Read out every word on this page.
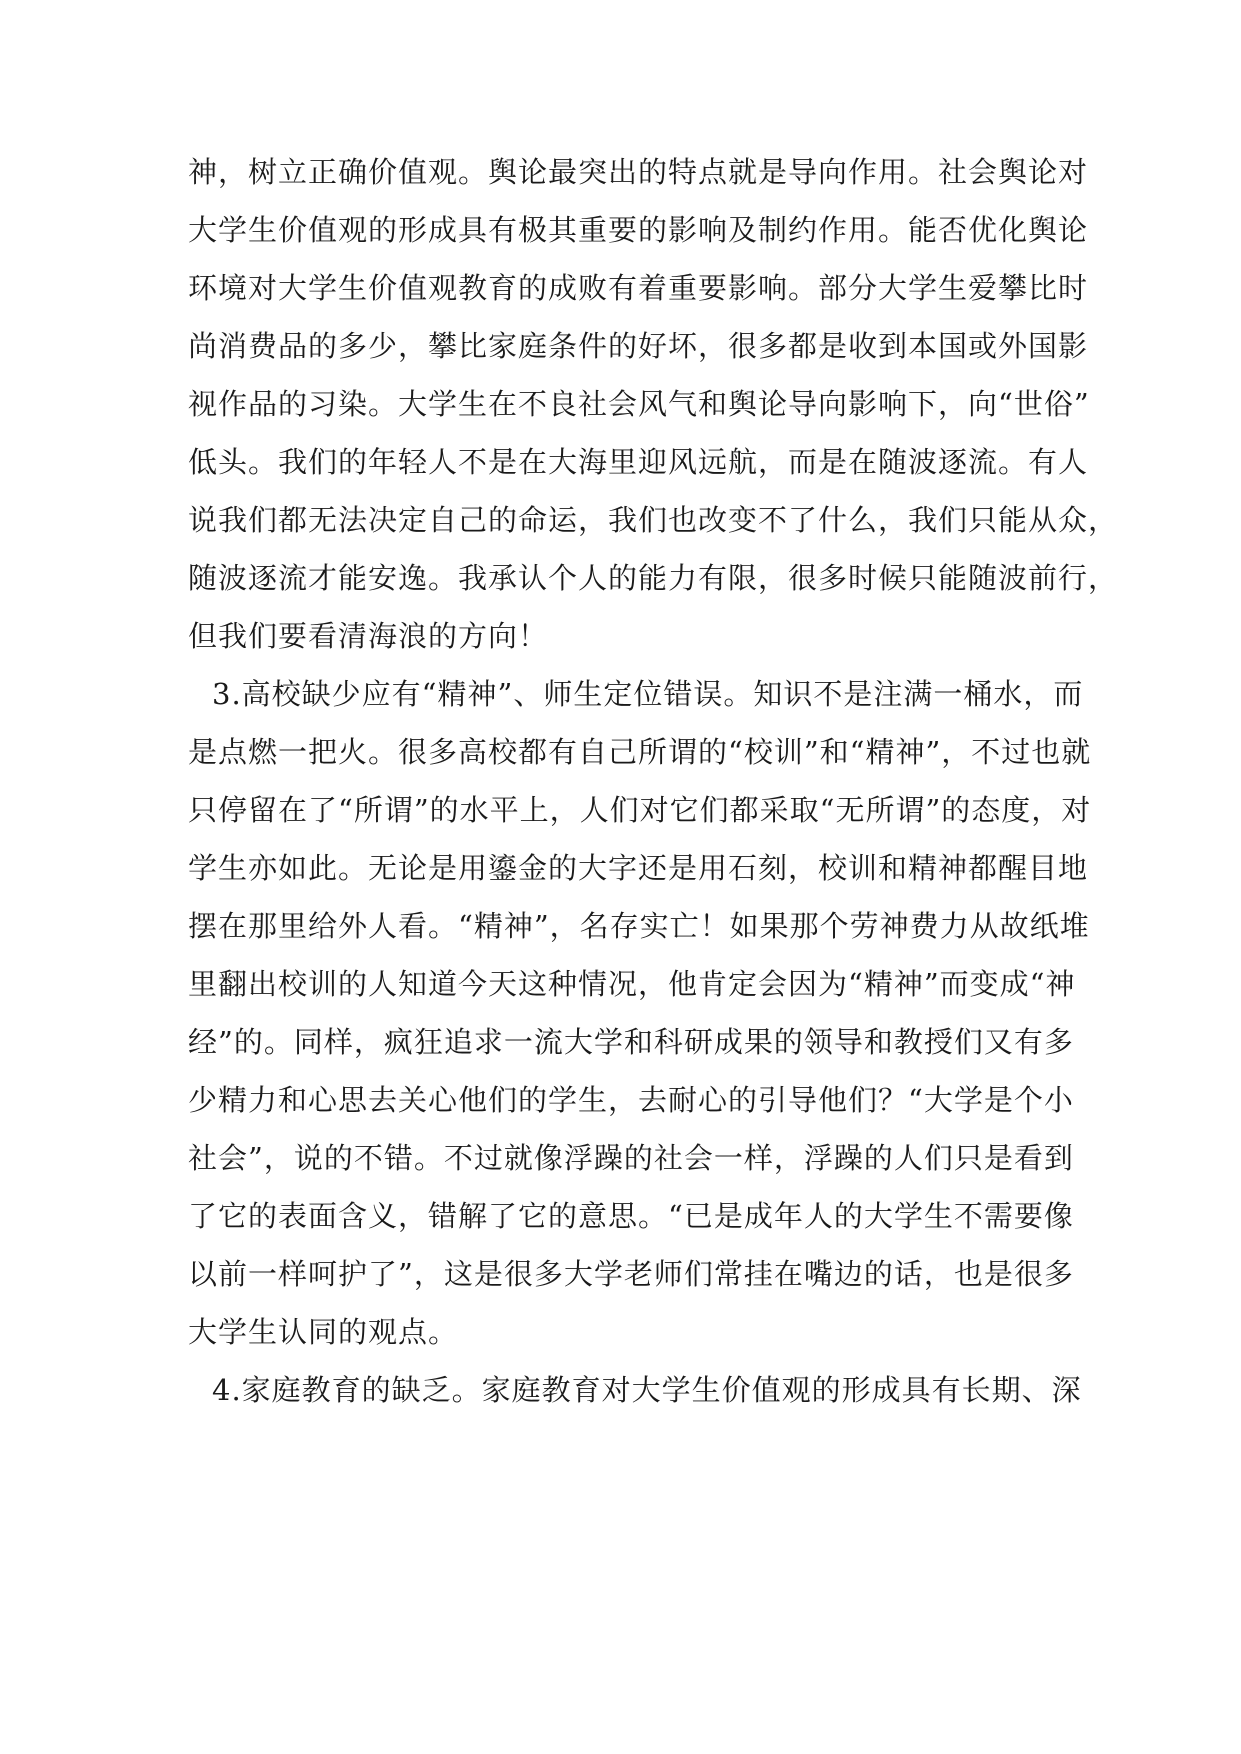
神，树立正确价值观。舆论最突出的特点就是导向作用。社会舆论对
大学生价值观的形成具有极其重要的影响及制约作用。能否优化舆论
环境对大学生价值观教育的成败有着重要影响。部分大学生爱攀比时
尚消费品的多少，攀比家庭条件的好坏，很多都是收到本国或外国影
视作品的习染。大学生在不良社会风气和舆论导向影响下，向“世俗”
低头。我们的年轻人不是在大海里迎风远航，而是在随波逐流。有人
说我们都无法决定自己的命运，我们也改变不了什么，我们只能从众，
随波逐流才能安逸。我承认个人的能力有限，很多时候只能随波前行，
但我们要看清海浪的方向！
3.高校缺少应有“精神”、师生定位错误。知识不是注满一桶水，而
是点燃一把火。很多高校都有自己所谓的“校训”和“精神”，不过也就
只停留在了“所谓”的水平上，人们对它们都采取“无所谓”的态度，对
学生亦如此。无论是用鎏金的大字还是用石刻，校训和精神都醒目地
摆在那里给外人看。“精神”，名存实亡！如果那个劳神费力从故纸堆
里翻出校训的人知道今天这种情况，他肯定会因为“精神”而变成“神
经”的。同样，疯狂追求一流大学和科研成果的领导和教授们又有多
少精力和心思去关心他们的学生，去耐心的引导他们？“大学是个小
社会”，说的不错。不过就像浮躁的社会一样，浮躁的人们只是看到
了它的表面含义，错解了它的意思。“已是成年人的大学生不需要像
以前一样呵护了”，这是很多大学老师们常挂在嘴边的话，也是很多
大学生认同的观点。
4.家庭教育的缺乏。家庭教育对大学生价值观的形成具有长期、深
